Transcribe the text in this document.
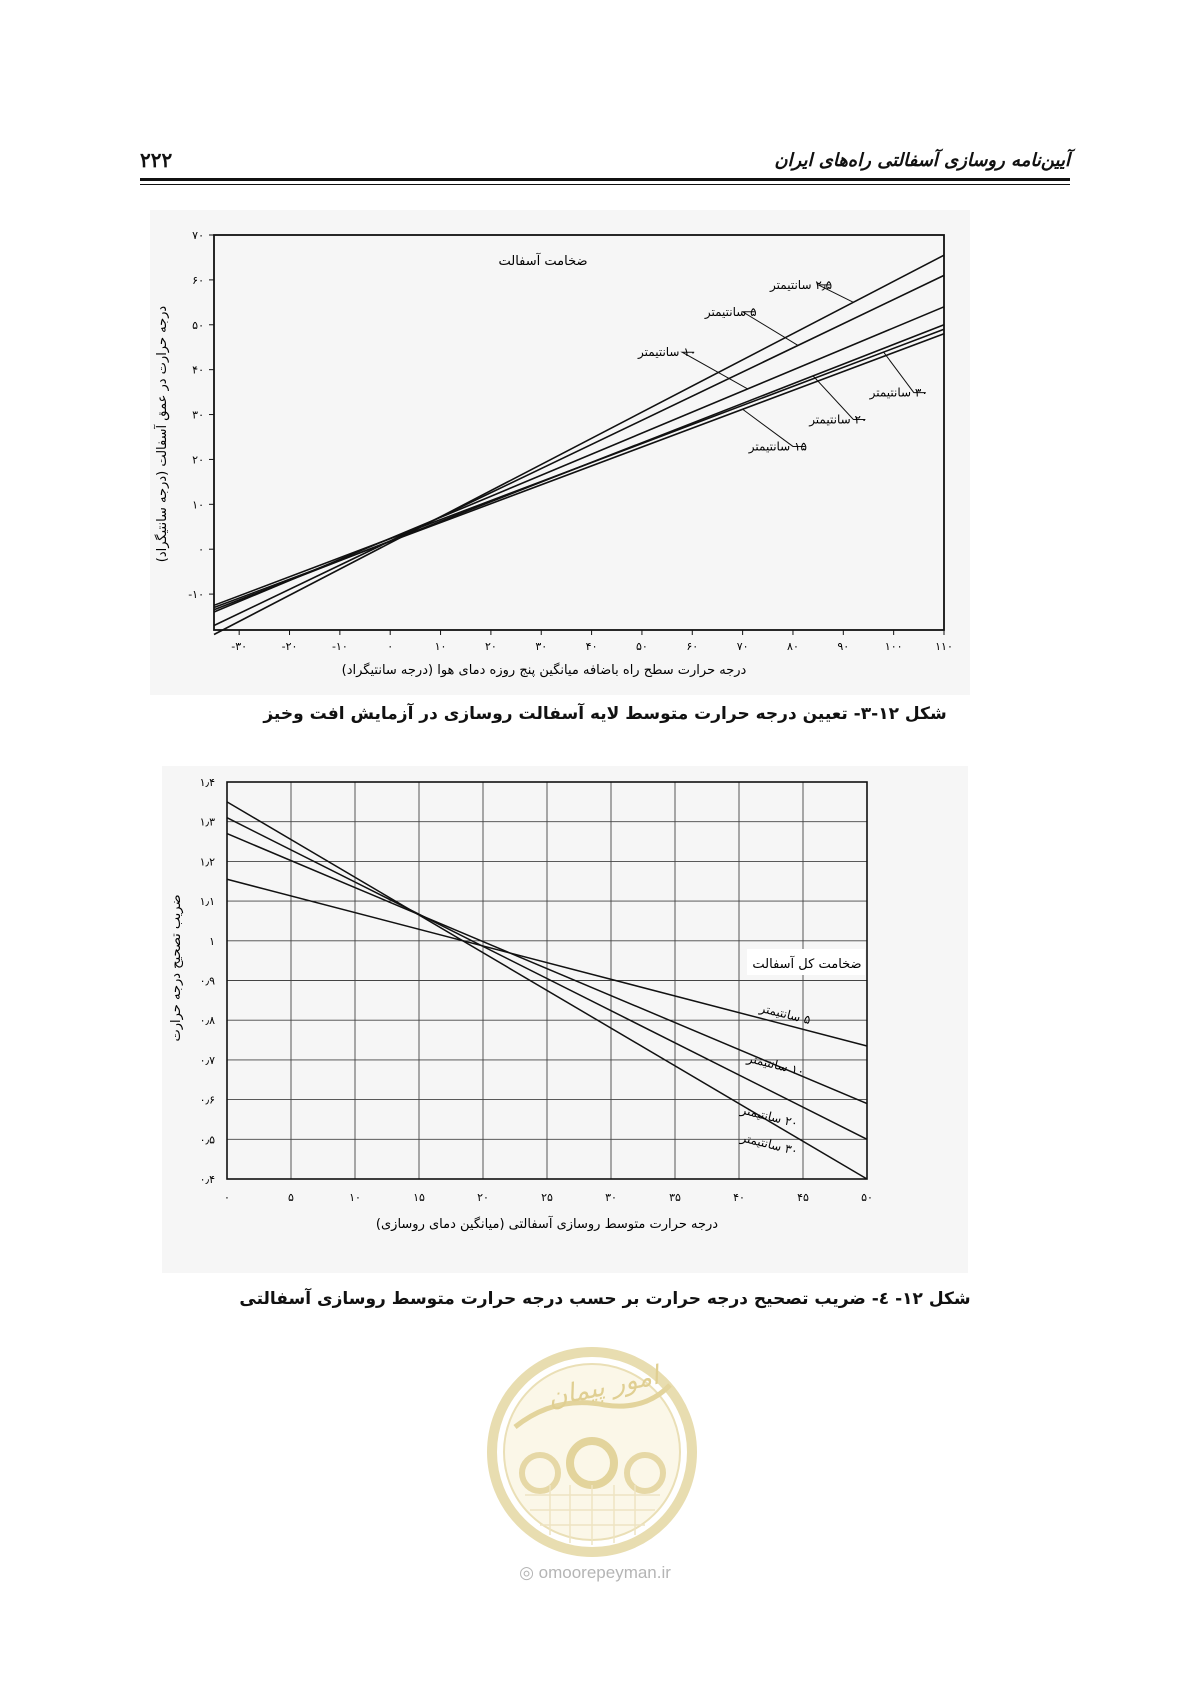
۲۲۲	آیین‌نامه روسازی آسفالتی راه‌های ایران
-۳۰	-۲۰	-۱۰	۰	۱۰	۲۰	۳۰	۴۰	۵۰	۶۰	۷۰	۸۰	۹۰	۱۰۰	۱۱۰
-۱۰
۰
۱۰
۲۰
۳۰
۴۰
۵۰
۶۰
۷۰
۲٫۵ سانتیمتر
۵ سانتیمتر
۱۰ سانتیمتر
۳۰ سانتیمتر
۲۰ سانتیمتر
۱۵ سانتیمتر
ضخامت آسفالت
درجه حرارت سطح راه باضافه میانگین پنج روزه دمای هوا (درجه سانتیگراد)
درجه حرارت در عمق آسفالت (درجه سانتیگراد)
شکل ۱۲-۳- تعیین درجه حرارت متوسط لایه آسفالت روسازی در آزمایش افت وخیز
۰	۵	۱۰	۱۵	۲۰	۲۵	۳۰	۳۵	۴۰	۴۵	۵۰
۰٫۴
۰٫۵
۰٫۶
۰٫۷
۰٫۸
۰٫۹
۱
۱٫۱
۱٫۲
۱٫۳
۱٫۴
۵ سانتیمتر
۱۰ سانتیمتر
۲۰ سانتیمتر
۳۰ سانتیمتر
ضخامت کل آسفالت
درجه حرارت متوسط روسازی آسفالتی (میانگین دمای روسازی)
ضریب تصحیح درجه حرارت
شکل ۱۲- ٤- ضریب تصحیح درجه حرارت بر حسب درجه حرارت متوسط روسازی آسفالتی
امور پیمان
◎ omoorepeyman.ir
